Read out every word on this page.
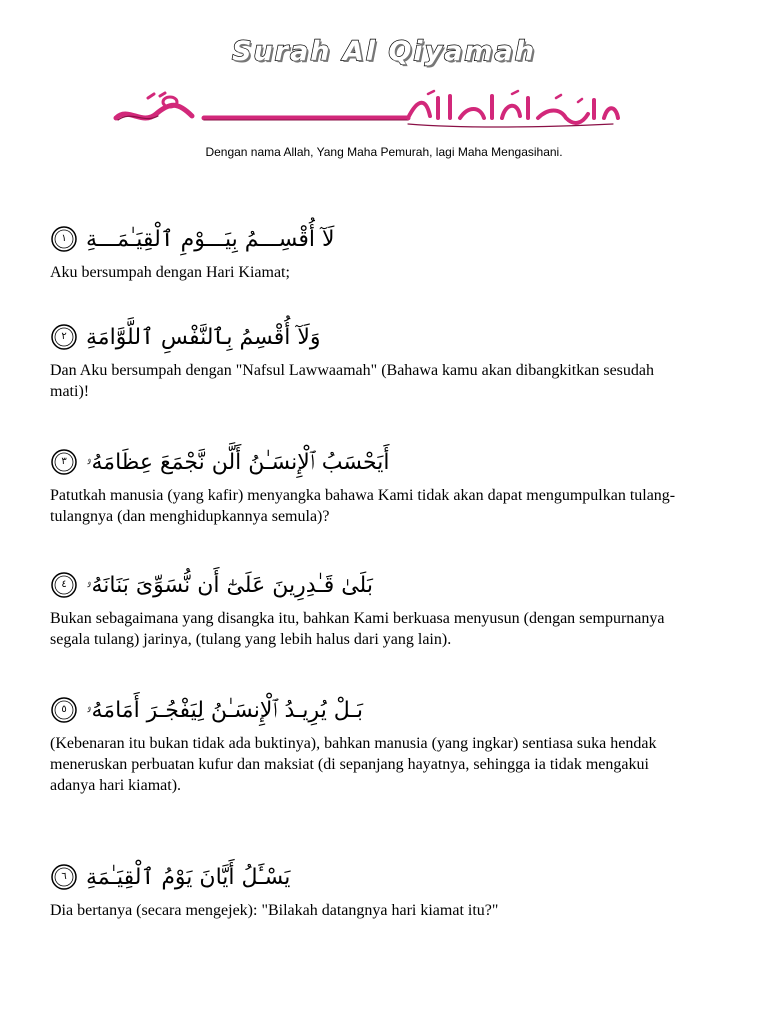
Surah Al Qiyamah
Dengan nama Allah, Yang Maha Pemurah, lagi Maha Mengasihani.
١ لَآ أُقْسِـــمُ بِيَـــوْمِ ٱلْقِيَـٰمَـــةِ
Aku bersumpah dengan Hari Kiamat;
٢ وَلَآ أُقْسِمُ بِٱلنَّفْسِ ٱللَّوَّامَةِ
Dan Aku bersumpah dengan "Nafsul Lawwaamah" (Bahawa kamu akan dibangkitkan sesudah mati)!
٣ أَيَحْسَبُ ٱلْإِنسَـٰنُ أَلَّن نَّجْمَعَ عِظَامَهُۥ
Patutkah manusia (yang kafir) menyangka bahawa Kami tidak akan dapat mengumpulkan tulang-tulangnya (dan menghidupkannya semula)?
٤ بَلَىٰ قَـٰدِرِينَ عَلَىٰٓ أَن نُّسَوِّىَ بَنَانَهُۥ
Bukan sebagaimana yang disangka itu, bahkan Kami berkuasa menyusun (dengan sempurnanya segala tulang) jarinya, (tulang yang lebih halus dari yang lain).
٥ بَـلْ يُرِيـدُ ٱلْإِنسَـٰنُ لِيَفْجُـرَ أَمَامَهُۥ
(Kebenaran itu bukan tidak ada buktinya), bahkan manusia (yang ingkar) sentiasa suka hendak meneruskan perbuatan kufur dan maksiat (di sepanjang hayatnya, sehingga ia tidak mengakui adanya hari kiamat).
٦ يَسْـَٔلُ أَيَّانَ يَوْمُ ٱلْقِيَـٰمَةِ
Dia bertanya (secara mengejek): "Bilakah datangnya hari kiamat itu?"
